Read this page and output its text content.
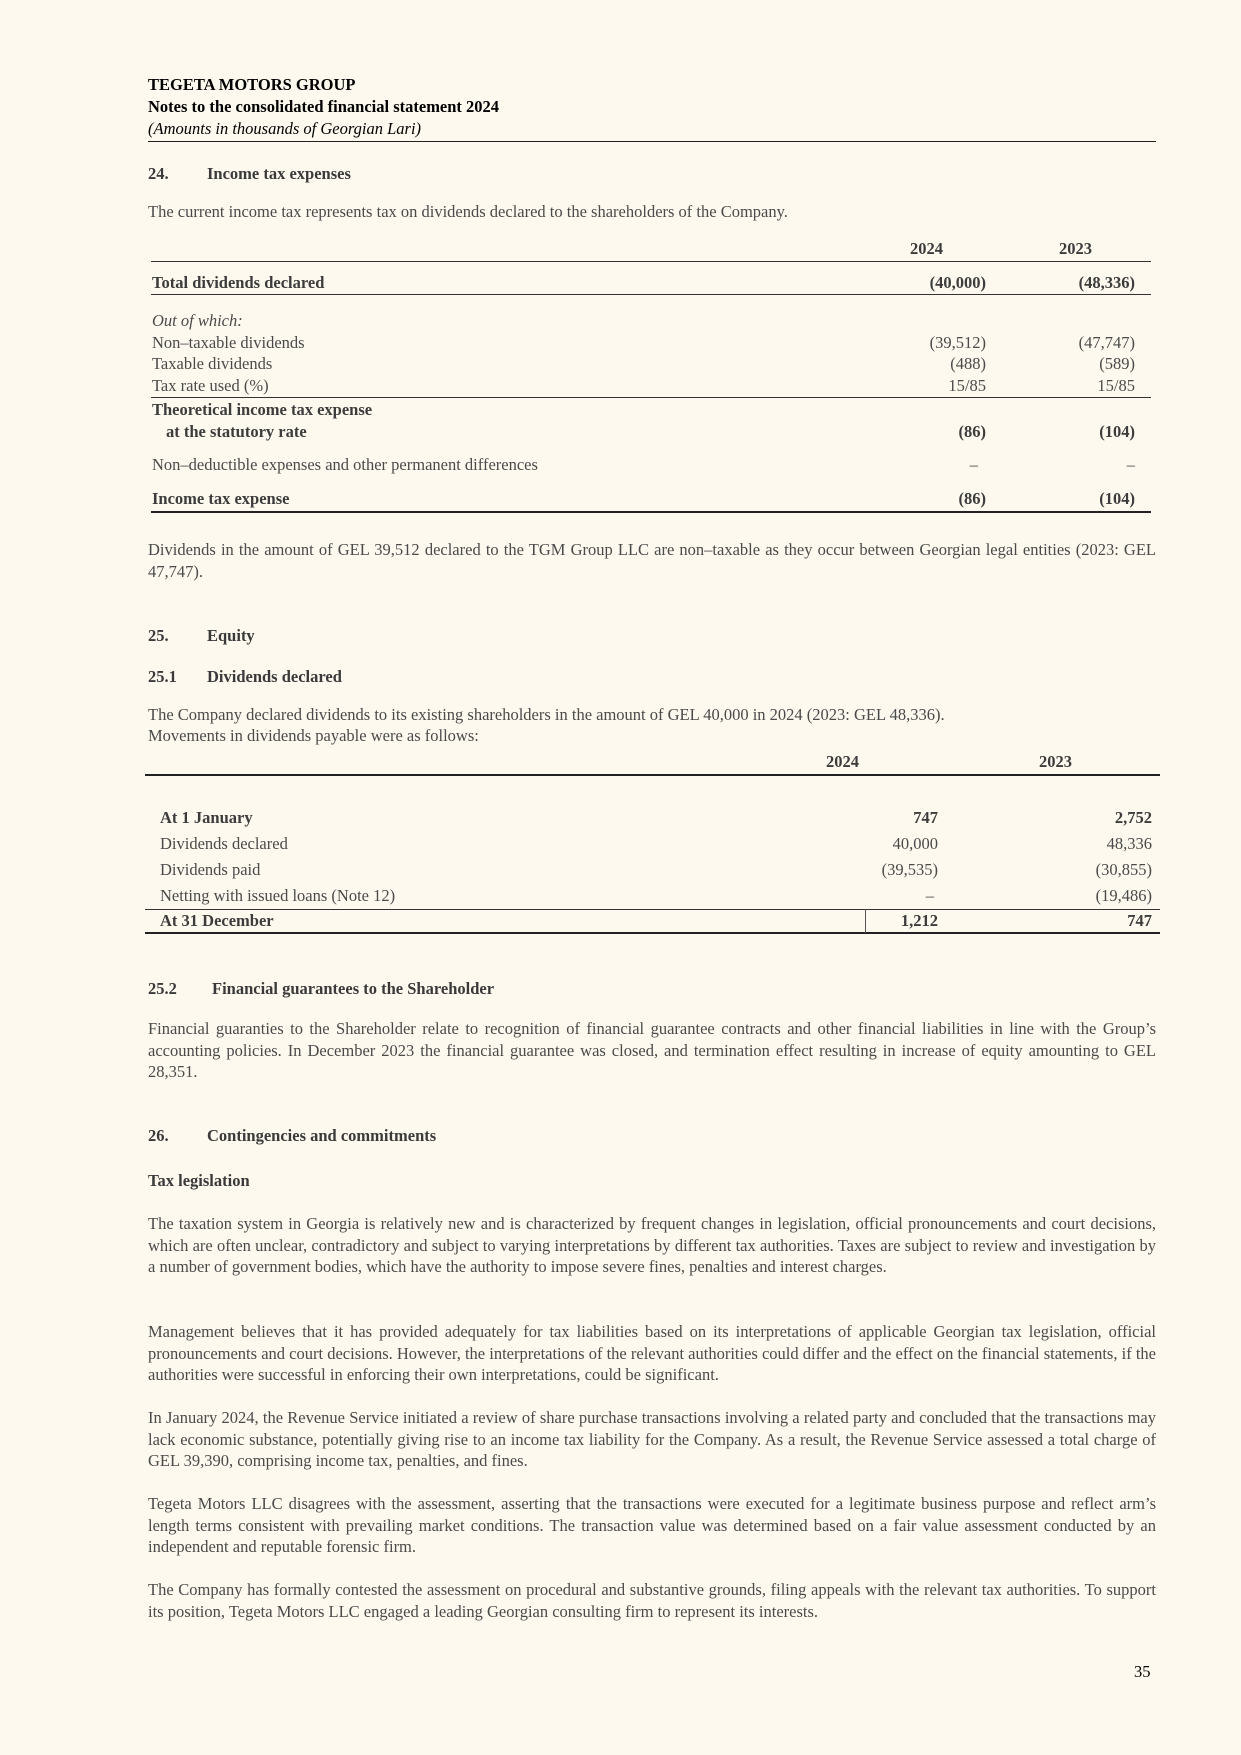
TEGETA MOTORS GROUP
Notes to the consolidated financial statement 2024
(Amounts in thousands of Georgian Lari)
24. Income tax expenses
The current income tax represents tax on dividends declared to the shareholders of the Company.
2024	2023
Total dividends declared	(40,000)	(48,336)
Out of which:
Non–taxable dividends	(39,512)	(47,747)
Taxable dividends	(488)	(589)
Tax rate used (%)	15/85	15/85
Theoretical income tax expense
at the statutory rate	(86)	(104)
Non–deductible expenses and other permanent differences	–	–
Income tax expense	(86)	(104)
Dividends in the amount of GEL 39,512 declared to the TGM Group LLC are non–taxable as they occur between Georgian legal entities (2023: GEL 47,747).
25. Equity
25.1 Dividends declared
The Company declared dividends to its existing shareholders in the amount of GEL 40,000 in 2024 (2023: GEL 48,336).
Movements in dividends payable were as follows:
2024	2023
At 1 January	747	2,752
Dividends declared	40,000	48,336
Dividends paid	(39,535)	(30,855)
Netting with issued loans (Note 12)	–	(19,486)
At 31 December	1,212	747
25.2 Financial guarantees to the Shareholder
Financial guaranties to the Shareholder relate to recognition of financial guarantee contracts and other financial liabilities in line with the Group’s accounting policies. In December 2023 the financial guarantee was closed, and termination effect resulting in increase of equity amounting to GEL 28,351.
26. Contingencies and commitments
Tax legislation
The taxation system in Georgia is relatively new and is characterized by frequent changes in legislation, official pronouncements and court decisions, which are often unclear, contradictory and subject to varying interpretations by different tax authorities. Taxes are subject to review and investigation by a number of government bodies, which have the authority to impose severe fines, penalties and interest charges.
Management believes that it has provided adequately for tax liabilities based on its interpretations of applicable Georgian tax legislation, official pronouncements and court decisions. However, the interpretations of the relevant authorities could differ and the effect on the financial statements, if the authorities were successful in enforcing their own interpretations, could be significant.
In January 2024, the Revenue Service initiated a review of share purchase transactions involving a related party and concluded that the transactions may lack economic substance, potentially giving rise to an income tax liability for the Company. As a result, the Revenue Service assessed a total charge of GEL 39,390, comprising income tax, penalties, and fines.
Tegeta Motors LLC disagrees with the assessment, asserting that the transactions were executed for a legitimate business purpose and reflect arm’s length terms consistent with prevailing market conditions. The transaction value was determined based on a fair value assessment conducted by an independent and reputable forensic firm.
The Company has formally contested the assessment on procedural and substantive grounds, filing appeals with the relevant tax authorities. To support its position, Tegeta Motors LLC engaged a leading Georgian consulting firm to represent its interests.
35
